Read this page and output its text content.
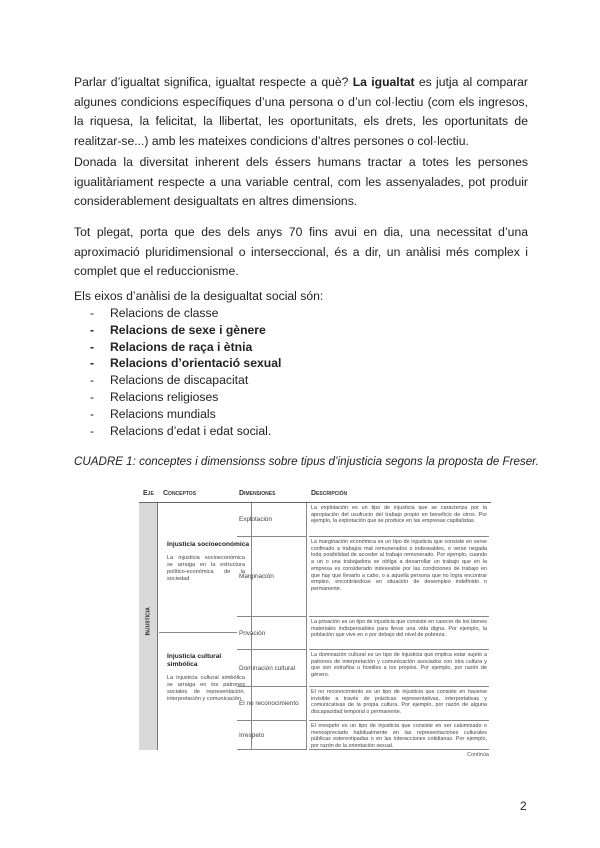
Parlar d’igualtat significa, igualtat respecte a què? La igualtat es jutja al comparar algunes condicions específiques d’una persona o d’un col·lectiu (com els ingresos, la riquesa, la felicitat, la llibertat, les oportunitats, els drets, les oportunitats de realitzar-se...) amb les mateixes condicions d’altres persones o col·lectiu.

Donada la diversitat inherent dels éssers humans tractar a totes les persones igualitàriament respecte a una variable central, com les assenyalades, pot produir considerablement desigualtats en altres dimensions.

Tot plegat, porta que des dels anys 70 fins avui en dia, una necessitat d’una aproximació pluridimensional o interseccional, és a dir, un anàlisi més complex i complet que el reduccionisme.

Els eixos d’anàlisi de la desigualtat social són:

- Relacions de classe
- Relacions de sexe i gènere
- Relacions de raça i ètnia
- Relacions d’orientació sexual
- Relacions de discapacitat
- Relacions religioses
- Relacions mundials
- Relacions d’edat i edat social.

CUADRE 1: conceptes i dimensionss sobre tipus d’injusticia segons la proposta de Freser.

Eje Conceptos	Dimensiones	Descripción
Injusticia
Injusticia socioeconómica
La injusticia socioeconómica se arraiga en la estructura político-económica de la sociedad
Injusticia cultural simbólica
La injusticia cultural simbólica se arraiga en los patrones sociales de representación, interpretación y comunicación
Explotación
La explotación es un tipo de injusticia que se caracteriza por la apropiación del usufructo del trabajo propio en beneficio de otros. Por ejemplo, la explotación que se produce en las empresas capitalistas.
Marginación
La marginación económica es un tipo de injusticia que consiste en verse confinado a trabajos mal remunerados o indeseables, o verse negada toda posibilidad de acceder al trabajo remunerado. Por ejemplo, cuando a un o una trabajadora se obliga a desarrollar un trabajo que en la empresa es considerado indeseable por las condiciones de trabajo en que hay que llevarlo a cabo, o a aquella persona que no logra encontrar empleo, encontrándose en situación de desempleo indefinido o permanente.
Privación
La privación es un tipo de injusticia que consiste en carecer de los bienes materiales indispensables para llevar una vida digna. Por ejemplo, la población que vive en o por debajo del nivel de pobreza.
Dominación cultural
La dominación cultural es un tipo de injusticia que implica estar sujeto a patrones de interpretación y comunicación asociados con otra cultura y que son extraños u hostiles a los propios. Por ejemplo, por razón de género.
El no reconocimiento
El no reconocimiento es un tipo de injusticia que consiste en hacerse invisible a través de prácticas representativas, interpretativas y comunicativas de la propia cultura. Por ejemplo, por razón de alguna discapacidad temporal o permanente.
Irrespeto
El irrespeto es un tipo de injusticia que consiste en ser calumniado o menospreciado habitualmente en las representaciones culturales públicas estereotipadas o en las interacciones cotidianas. Por ejemplo, por razón de la orientación sexual.
Continúa
2
